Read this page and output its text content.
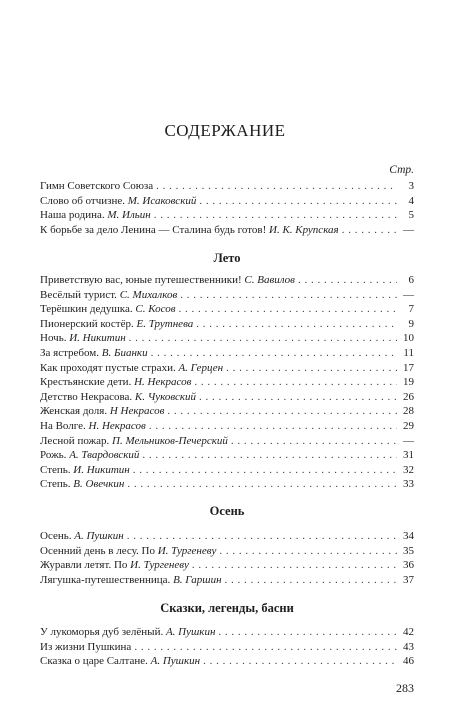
СОДЕРЖАНИЕ
Стр.
Гимн Советского Союза . . .	3
Слово об отчизне. М. Исаковский . . .	4
Наша родина. М. Ильин . . .	5
К борьбе за дело Ленина — Сталина будь готов! И. К. Крупская . . .	—
Лето
Приветствую вас, юные путешественники! С. Вавилов . . .	6
Весёлый турист. С. Михалков . . .	—
Терёшкин дедушка. С. Косов . . .	7
Пионерский костёр. Е. Трутнева . . .	9
Ночь. И. Никитин . . .	10
За ястребом. В. Бианки . . .	11
Как проходят пустые страхи. А. Герцен . . .	17
Крестьянские дети. Н. Некрасов . . .	19
Детство Некрасова. К. Чуковский . . .	26
Женская доля. Н Некрасов . . .	28
На Волге. Н. Некрасов . . .	29
Лесной пожар. П. Мельников-Печерский . . .	—
Рожь. А. Твардовский . . .	31
Степь. И. Никитин . . .	32
Степь. В. Овечкин . . .	33
Осень
Осень. А. Пушкин . . .	34
Осенний день в лесу. По И. Тургеневу . . .	35
Журавли летят. По И. Тургеневу . . .	36
Лягушка-путешественница. В. Гаршин . . .	37
Сказки, легенды, басни
У лукоморья дуб зелёный. А. Пушкин . . .	42
Из жизни Пушкина . . .	43
Сказка о царе Салтане. А. Пушкин . . .	46
283
